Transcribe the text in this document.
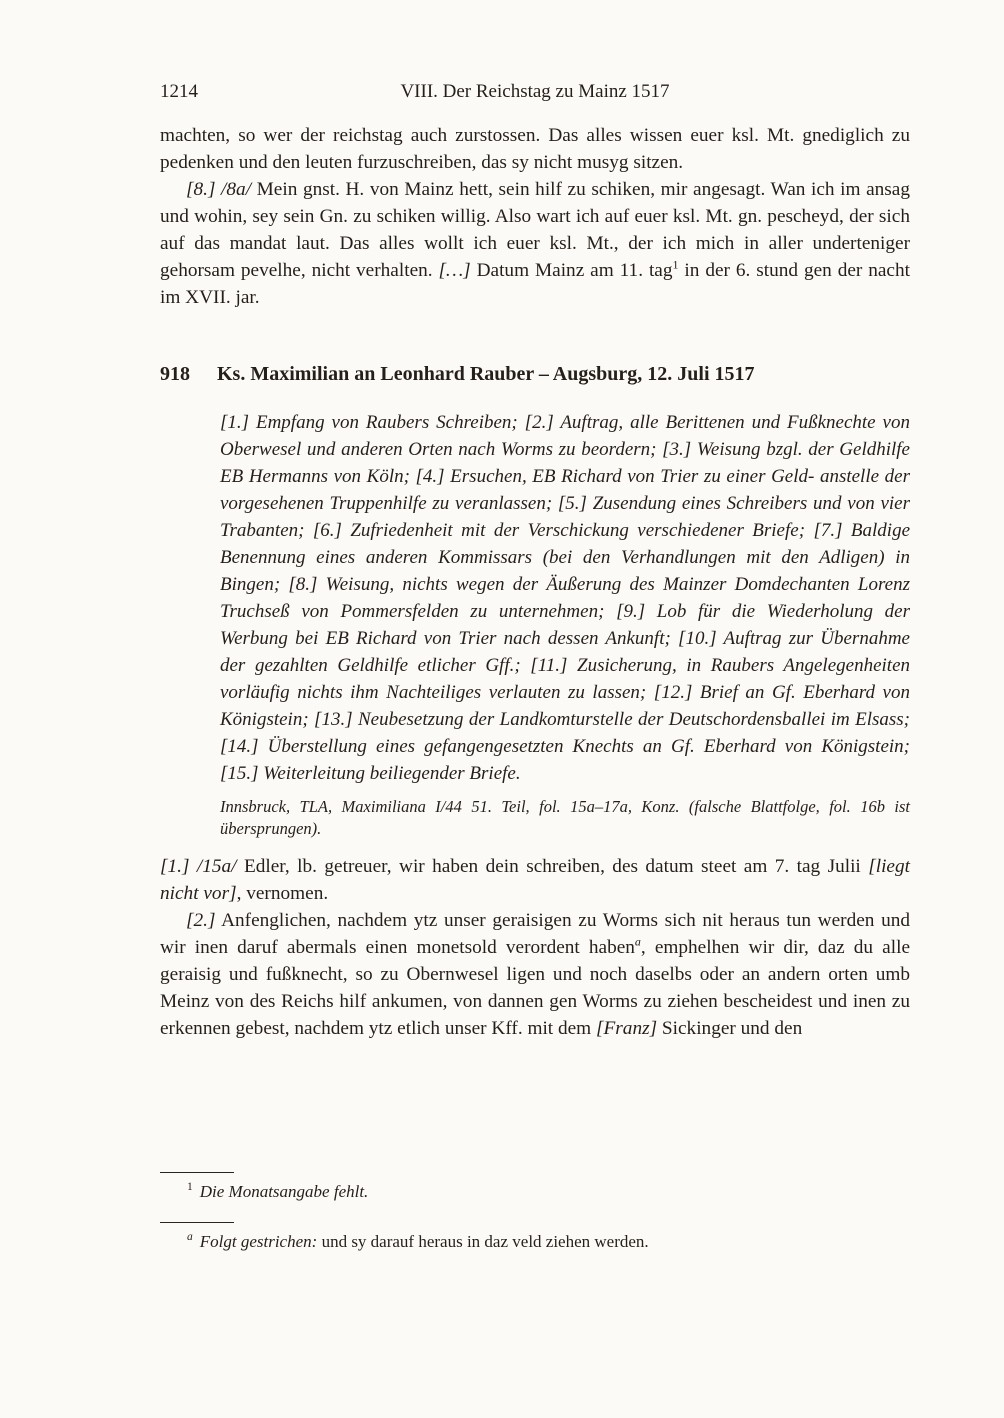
1214	VIII. Der Reichstag zu Mainz 1517

machten, so wer der reichstag auch zurstossen. Das alles wissen euer ksl. Mt. gnediglich zu pedenken und den leuten furzuschreiben, das sy nicht musyg sitzen.

[8.] /8a/ Mein gnst. H. von Mainz hett, sein hilf zu schiken, mir angesagt. Wan ich im ansag und wohin, sey sein Gn. zu schiken willig. Also wart ich auf euer ksl. Mt. gn. pescheyd, der sich auf das mandat laut. Das alles wollt ich euer ksl. Mt., der ich mich in aller underteniger gehorsam pevelhe, nicht verhalten. […] Datum Mainz am 11. tag$^1$ in der 6. stund gen der nacht im XVII. jar.

918 Ks. Maximilian an Leonhard Rauber – Augsburg, 12. Juli 1517

[1.] Empfang von Raubers Schreiben; [2.] Auftrag, alle Berittenen und Fußknechte von Oberwesel und anderen Orten nach Worms zu beordern; [3.] Weisung bzgl. der Geldhilfe EB Hermanns von Köln; [4.] Ersuchen, EB Richard von Trier zu einer Geld- anstelle der vorgesehenen Truppenhilfe zu veranlassen; [5.] Zusendung eines Schreibers und von vier Trabanten; [6.] Zufriedenheit mit der Verschickung verschiedener Briefe; [7.] Baldige Benennung eines anderen Kommissars (bei den Verhandlungen mit den Adligen) in Bingen; [8.] Weisung, nichts wegen der Äußerung des Mainzer Domdechanten Lorenz Truchseß von Pommersfelden zu unternehmen; [9.] Lob für die Wiederholung der Werbung bei EB Richard von Trier nach dessen Ankunft; [10.] Auftrag zur Übernahme der gezahlten Geldhilfe etlicher Gff.; [11.] Zusicherung, in Raubers Angelegenheiten vorläufig nichts ihm Nachteiliges verlauten zu lassen; [12.] Brief an Gf. Eberhard von Königstein; [13.] Neubesetzung der Landkomturstelle der Deutschordensballei im Elsass; [14.] Überstellung eines gefangengesetzten Knechts an Gf. Eberhard von Königstein; [15.] Weiterleitung beiliegender Briefe.

Innsbruck, TLA, Maximiliana I/44 51. Teil, fol. 15a–17a, Konz. (falsche Blattfolge, fol. 16b ist übersprungen).

[1.] /15a/ Edler, lb. getreuer, wir haben dein schreiben, des datum steet am 7. tag Julii [liegt nicht vor], vernomen.

[2.] Anfenglichen, nachdem ytz unser geraisigen zu Worms sich nit heraus tun werden und wir inen daruf abermals einen monetsold verordent haben$^a$, emphelhen wir dir, daz du alle geraisig und fußknecht, so zu Obernwesel ligen und noch daselbs oder an andern orten umb Meinz von des Reichs hilf ankumen, von dannen gen Worms zu ziehen bescheidest und inen zu erkennen gebest, nachdem ytz etlich unser Kff. mit dem [Franz] Sickinger und den

$^1$ Die Monatsangabe fehlt.

$^a$ Folgt gestrichen: und sy darauf heraus in daz veld ziehen werden.
